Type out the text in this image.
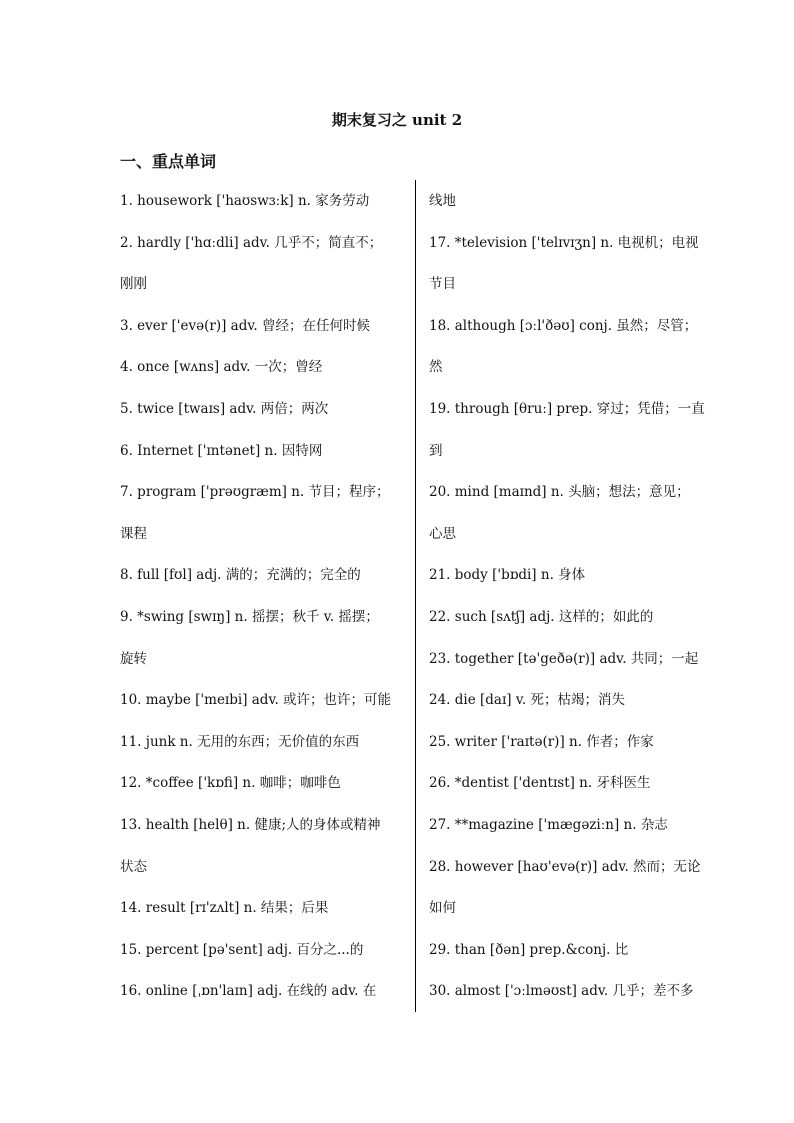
期末复习之 unit 2
一、重点单词
1. housework ['haʊswɜːk] n. 家务劳动
2. hardly ['hɑːdli] adv. 几乎不；简直不；
刚刚
3. ever ['evə(r)] adv. 曾经；在任何时候
4. once [wʌns] adv. 一次；曾经
5. twice [twaɪs] adv. 两倍；两次
6. Internet ['ɪntənet] n. 因特网
7. program ['prəʊgræm] n. 节目；程序；
课程
8. full [fʊl] adj. 满的；充满的；完全的
9. *swing [swɪŋ] n. 摇摆；秋千 v. 摇摆；
旋转
10. maybe ['meɪbi] adv. 或许；也许；可能
11. junk n. 无用的东西；无价值的东西
12. *coffee ['kɒfi] n. 咖啡；咖啡色
13. health [helθ] n. 健康;人的身体或精神
状态
14. result [rɪ'zʌlt] n. 结果；后果
15. percent [pə'sent] adj. 百分之...的
16. online [ˌɒn'laɪn] adj. 在线的 adv. 在
线地
17. *television ['telɪvɪʒn] n. 电视机；电视
节目
18. although [ɔːl'ðəʊ] conj. 虽然；尽管；
然
19. through [θruː] prep. 穿过；凭借；一直
到
20. mind [maɪnd] n. 头脑；想法；意见；
心思
21. body ['bɒdi] n. 身体
22. such [sʌtʃ] adj. 这样的；如此的
23. together [tə'geðə(r)] adv. 共同；一起
24. die [daɪ] v. 死；枯竭；消失
25. writer ['raɪtə(r)] n. 作者；作家
26. *dentist ['dentɪst] n. 牙科医生
27. **magazine ['mægəziːn] n. 杂志
28. however [haʊ'evə(r)] adv. 然而；无论
如何
29. than [ðən] prep.&conj. 比
30. almost ['ɔːlməʊst] adv. 几乎；差不多
